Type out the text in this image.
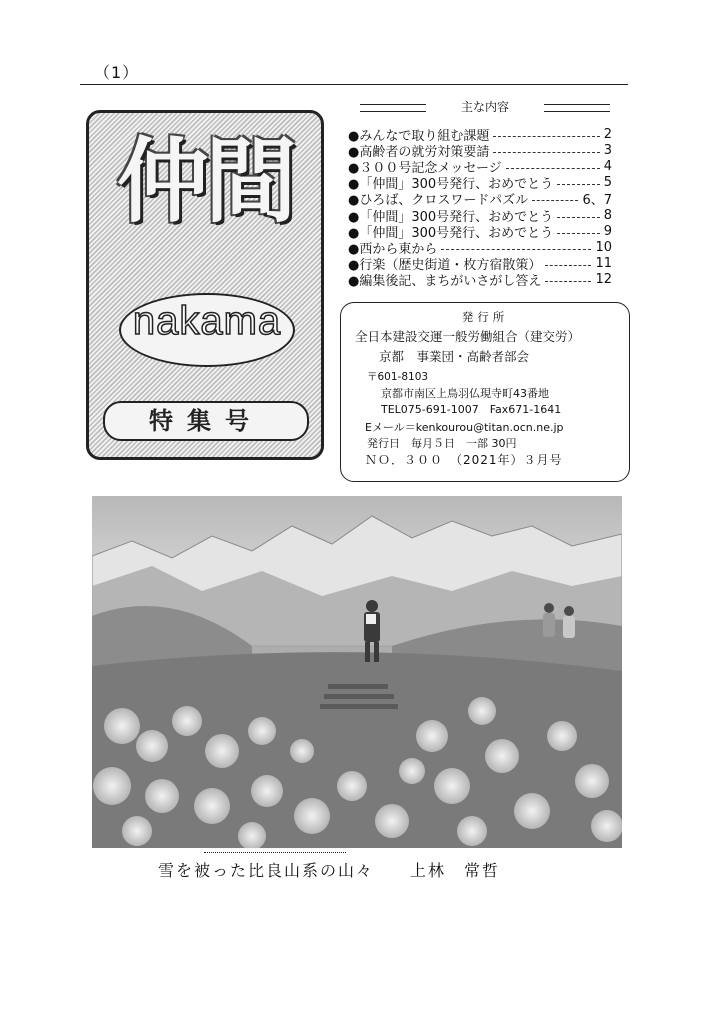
（1）
仲間
nakama
特集号
主な内容
●みんなで取り組む課題	2
●高齢者の就労対策要請	3
●３００号記念メッセージ	4
●「仲間」300号発行、おめでとう	5
●ひろば、クロスワードパズル	6、7
●「仲間」300号発行、おめでとう	8
●「仲間」300号発行、おめでとう	9
●西から東から	10
●行楽（歴史街道・枚方宿散策）	11
●編集後記、まちがいさがし答え	12
発行所
全日本建設交運一般労働組合（建交労）
京都　事業団・高齢者部会
〒601-8103
京都市南区上鳥羽仏現寺町43番地
TEL075-691-1007　Fax671-1641
Eメール＝kenkourou@titan.ocn.ne.jp
発行日　毎月５日　一部 30円
ＮＯ．３００　（2021年）３月号
雪を被った比良山系の山々 上林　常哲
